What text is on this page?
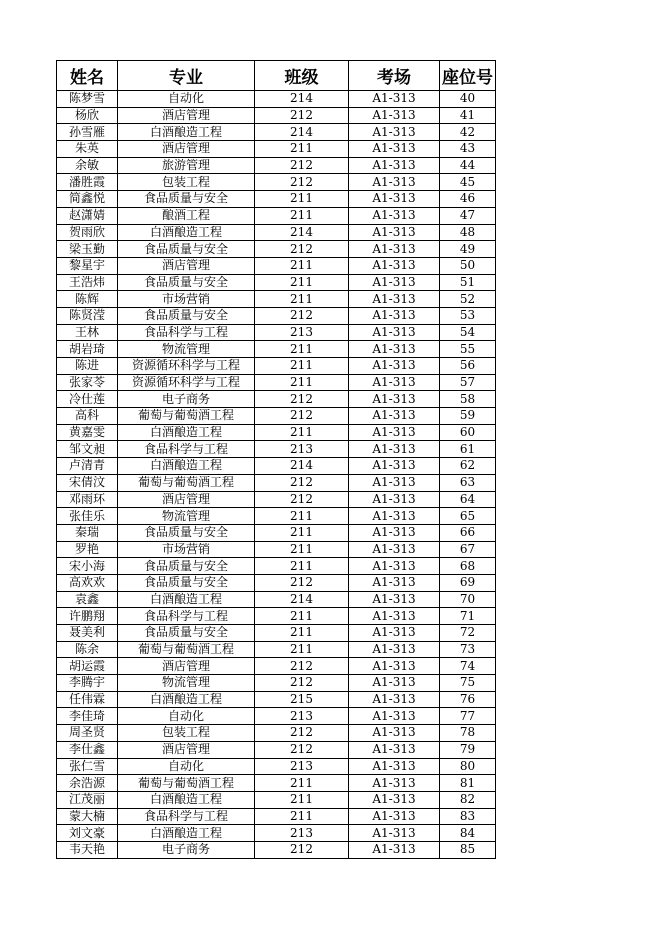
姓名	专业	班级	考场	座位号
陈梦雪	自动化	214	A1-313	40
杨欣	酒店管理	212	A1-313	41
孙雪雁	白酒酿造工程	214	A1-313	42
朱英	酒店管理	211	A1-313	43
余敏	旅游管理	212	A1-313	44
潘胜霞	包装工程	212	A1-313	45
简鑫悦	食品质量与安全	211	A1-313	46
赵潇婧	酿酒工程	211	A1-313	47
贺雨欣	白酒酿造工程	214	A1-313	48
梁玉勤	食品质量与安全	212	A1-313	49
黎星宇	酒店管理	211	A1-313	50
王浩炜	食品质量与安全	211	A1-313	51
陈辉	市场营销	211	A1-313	52
陈贤滢	食品质量与安全	212	A1-313	53
王林	食品科学与工程	213	A1-313	54
胡岩琦	物流管理	211	A1-313	55
陈进	资源循环科学与工程	211	A1-313	56
张家苓	资源循环科学与工程	211	A1-313	57
冷仕莲	电子商务	212	A1-313	58
高科	葡萄与葡萄酒工程	212	A1-313	59
黄嘉雯	白酒酿造工程	211	A1-313	60
邹文昶	食品科学与工程	213	A1-313	61
卢清青	白酒酿造工程	214	A1-313	62
宋倩汶	葡萄与葡萄酒工程	212	A1-313	63
邓雨环	酒店管理	212	A1-313	64
张佳乐	物流管理	211	A1-313	65
秦瑞	食品质量与安全	211	A1-313	66
罗艳	市场营销	211	A1-313	67
宋小海	食品质量与安全	211	A1-313	68
高欢欢	食品质量与安全	212	A1-313	69
袁鑫	白酒酿造工程	214	A1-313	70
许鹏翔	食品科学与工程	211	A1-313	71
聂美利	食品质量与安全	211	A1-313	72
陈余	葡萄与葡萄酒工程	211	A1-313	73
胡运霞	酒店管理	212	A1-313	74
李腾宇	物流管理	212	A1-313	75
任伟霖	白酒酿造工程	215	A1-313	76
李佳琦	自动化	213	A1-313	77
周圣贤	包装工程	212	A1-313	78
李仕鑫	酒店管理	212	A1-313	79
张仁雪	自动化	213	A1-313	80
余浩源	葡萄与葡萄酒工程	211	A1-313	81
江茂丽	白酒酿造工程	211	A1-313	82
蒙大楠	食品科学与工程	211	A1-313	83
刘文豪	白酒酿造工程	213	A1-313	84
韦天艳	电子商务	212	A1-313	85
